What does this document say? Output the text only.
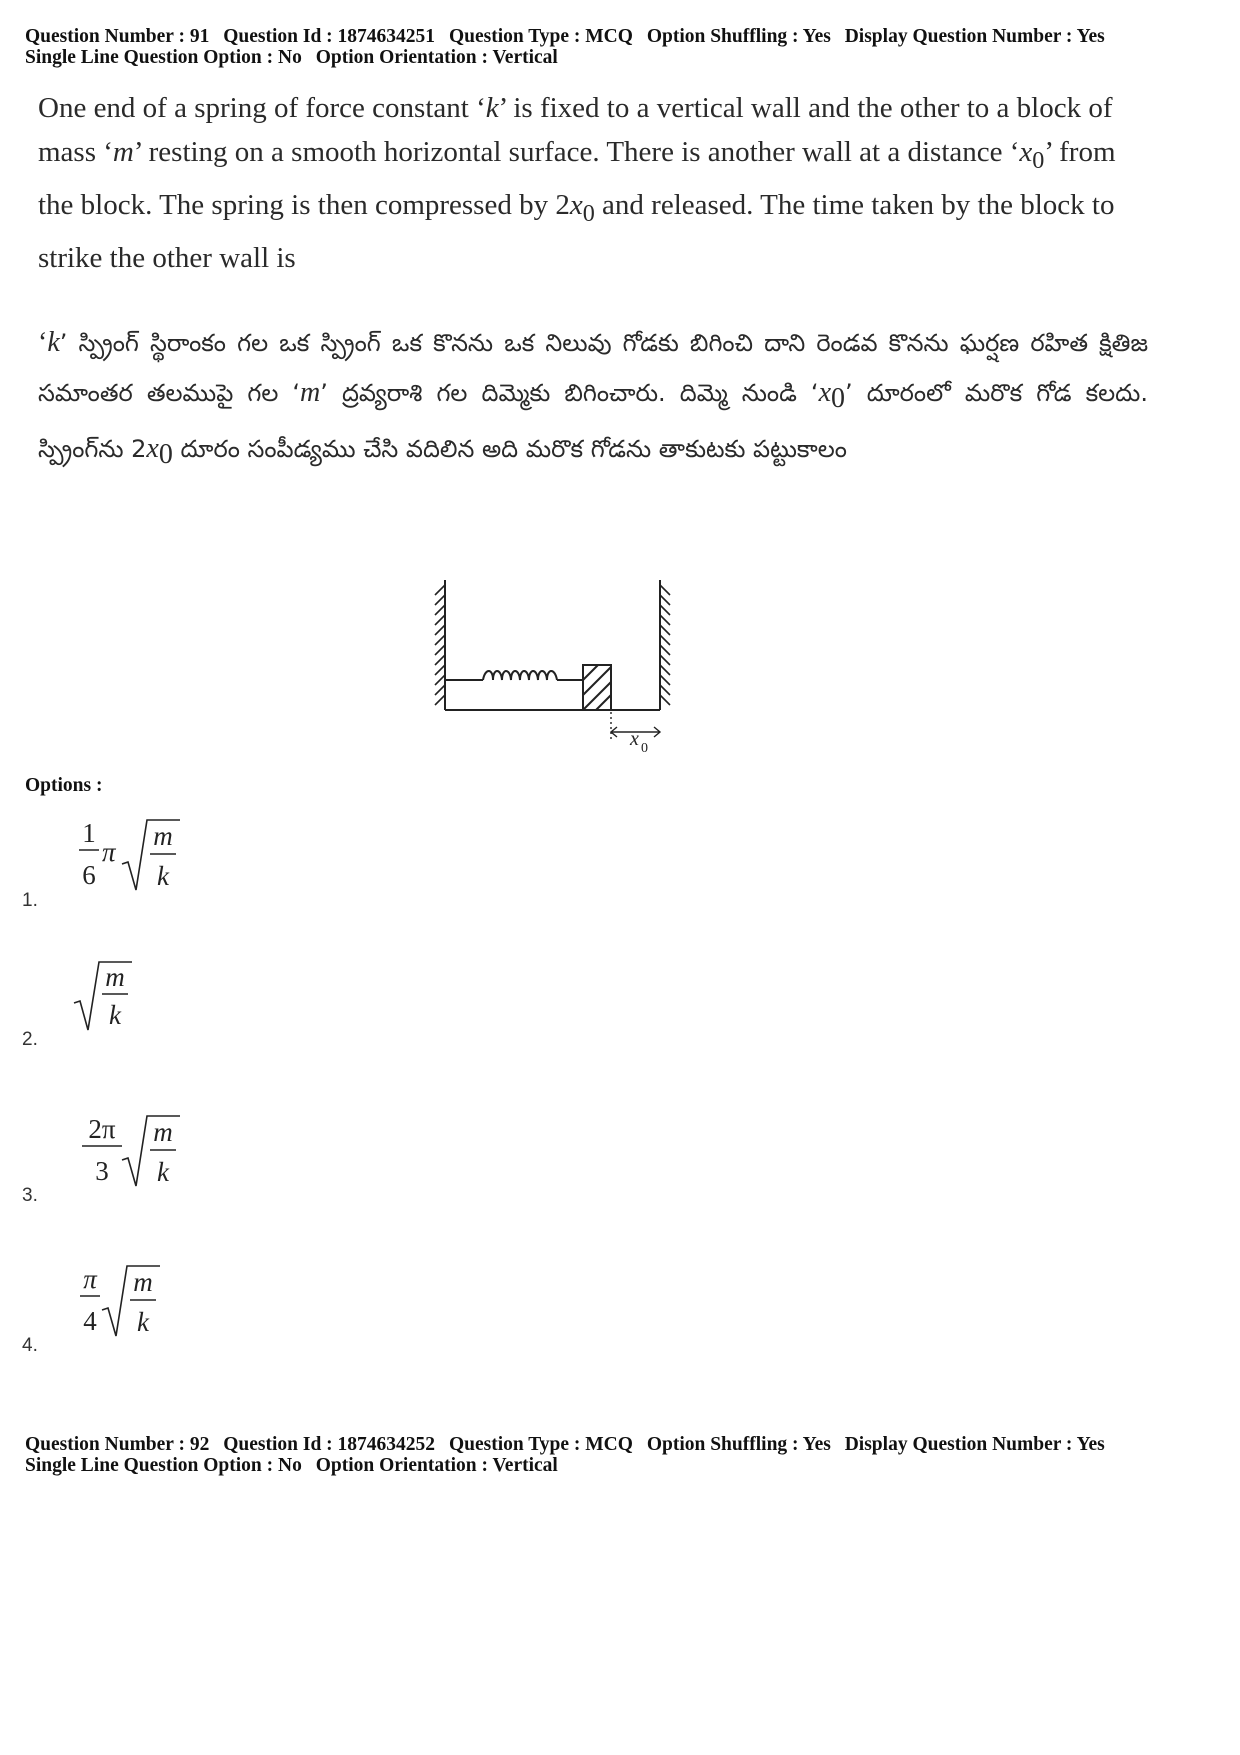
Question Number : 91 Question Id : 1874634251 Question Type : MCQ Option Shuffling : Yes Display Question Number : Yes
Single Line Question Option : No Option Orientation : Vertical
One end of a spring of force constant ‘k’ is fixed to a vertical wall and the other to a block of mass ‘m’ resting on a smooth horizontal surface. There is another wall at a distance ‘$x_0$’ from the block. The spring is then compressed by $2x_0$ and released. The time taken by the block to strike the other wall is
‘k’ స్ప్రింగ్ స్థిరాంకం గల ఒక స్ప్రింగ్ ఒక కొనను ఒక నిలువు గోడకు బిగించి దాని రెండవ కొనను ఘర్షణ రహిత క్షితిజ సమాంతర తలముపై గల ‘m’ ద్రవ్యరాశి గల దిమ్మెకు బిగించారు. దిమ్మె నుండి ‘$x_0$’ దూరంలో మరొక గోడ కలదు. స్ప్రింగ్‌ను $2x_0$ దూరం సంపీడ్యము చేసి వదిలిన అది మరొక గోడను తాకుటకు పట్టుకాలం
x 0
Options :
1.
1
6
π
m
k
2.
m
k
3.
2π
3
m
k
4.
π
4
m
k
Question Number : 92 Question Id : 1874634252 Question Type : MCQ Option Shuffling : Yes Display Question Number : Yes
Single Line Question Option : No Option Orientation : Vertical
